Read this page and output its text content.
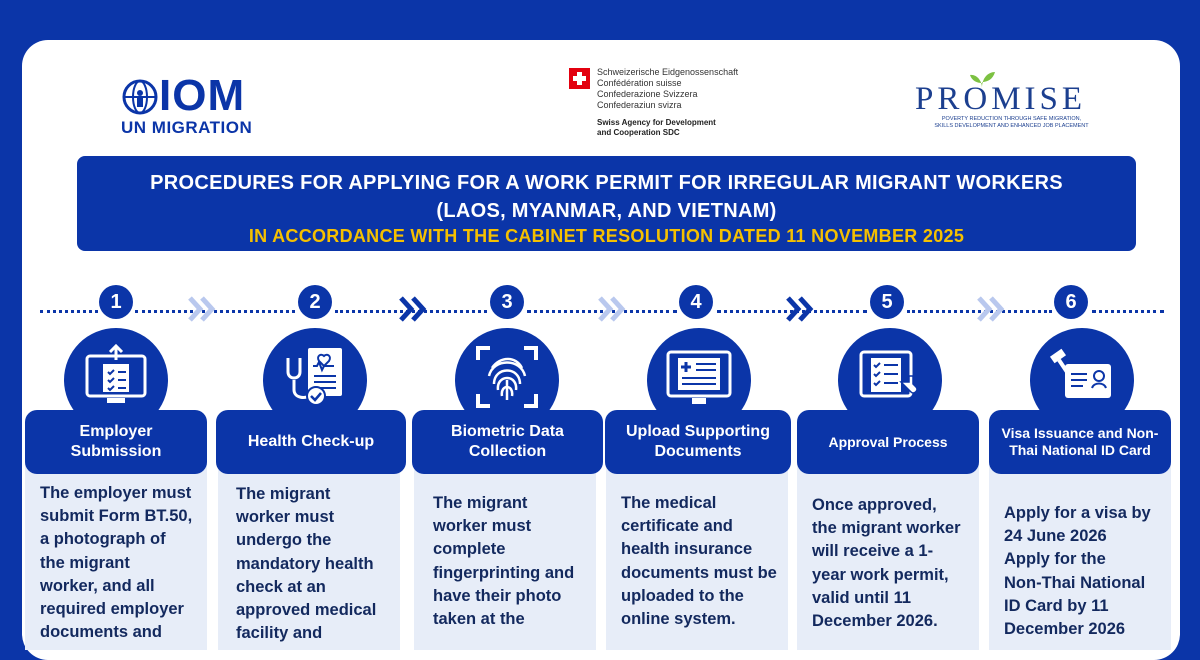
IOM
UN MIGRATION
Schweizerische Eidgenossenschaft
Confédération suisse
Confederazione Svizzera
Confederaziun svizra
Swiss Agency for Development
and Cooperation SDC
PROMISE
POVERTY REDUCTION THROUGH SAFE MIGRATION,
SKILLS DEVELOPMENT AND ENHANCED JOB PLACEMENT
PROCEDURES FOR APPLYING FOR A WORK PERMIT FOR IRREGULAR MIGRANT WORKERS
(LAOS, MYANMAR, AND VIETNAM)
IN ACCORDANCE WITH THE CABINET RESOLUTION DATED 11 NOVEMBER 2025
1	2	3	4	5	6
Employer Submission
Health Check-up
Biometric Data Collection
Upload Supporting Documents
Approval Process
Visa Issuance and Non-Thai National ID Card
The employer must
submit Form BT.50,
a photograph of
the migrant
worker, and all
required employer
documents and
The migrant
worker must
undergo the
mandatory health
check at an
approved medical
facility and
The migrant
worker must
complete
fingerprinting and
have their photo
taken at the
The medical
certificate and
health insurance
documents must be
uploaded to the
online system.
Once approved,
the migrant worker
will receive a 1-
year work permit,
valid until 11
December 2026.
Apply for a visa by
24 June 2026
Apply for the
Non-Thai National
ID Card by 11
December 2026
